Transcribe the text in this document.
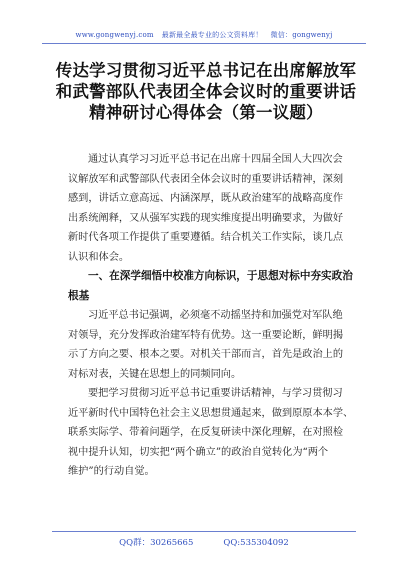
www.gongwenyj.com 最新最全最专业的公文资料库！ 微信：gongwenyj
传达学习贯彻习近平总书记在出席解放军
和武警部队代表团全体会议时的重要讲话
精神研讨心得体会（第一议题）
通过认真学习习近平总书记在出席十四届全国人大四次会
议解放军和武警部队代表团全体会议时的重要讲话精神，深刻
感到，讲话立意高远、内涵深厚，既从政治建军的战略高度作
出系统阐释，又从强军实践的现实维度提出明确要求，为做好
新时代各项工作提供了重要遵循。结合机关工作实际，谈几点
认识和体会。
一、在深学细悟中校准方向标识，于思想对标中夯实政治
根基
习近平总书记强调，必须毫不动摇坚持和加强党对军队绝
对领导，充分发挥政治建军特有优势。这一重要论断，鲜明揭
示了方向之要、根本之要。对机关干部而言，首先是政治上的
对标对表，关键在思想上的同频同向。
要把学习贯彻习近平总书记重要讲话精神，与学习贯彻习
近平新时代中国特色社会主义思想贯通起来，做到原原本本学、
联系实际学、带着问题学，在反复研读中深化理解，在对照检
视中提升认知，切实把“两个确立”的政治自觉转化为“两个
维护”的行动自觉。
QQ群：30265665	QQ:535304092
